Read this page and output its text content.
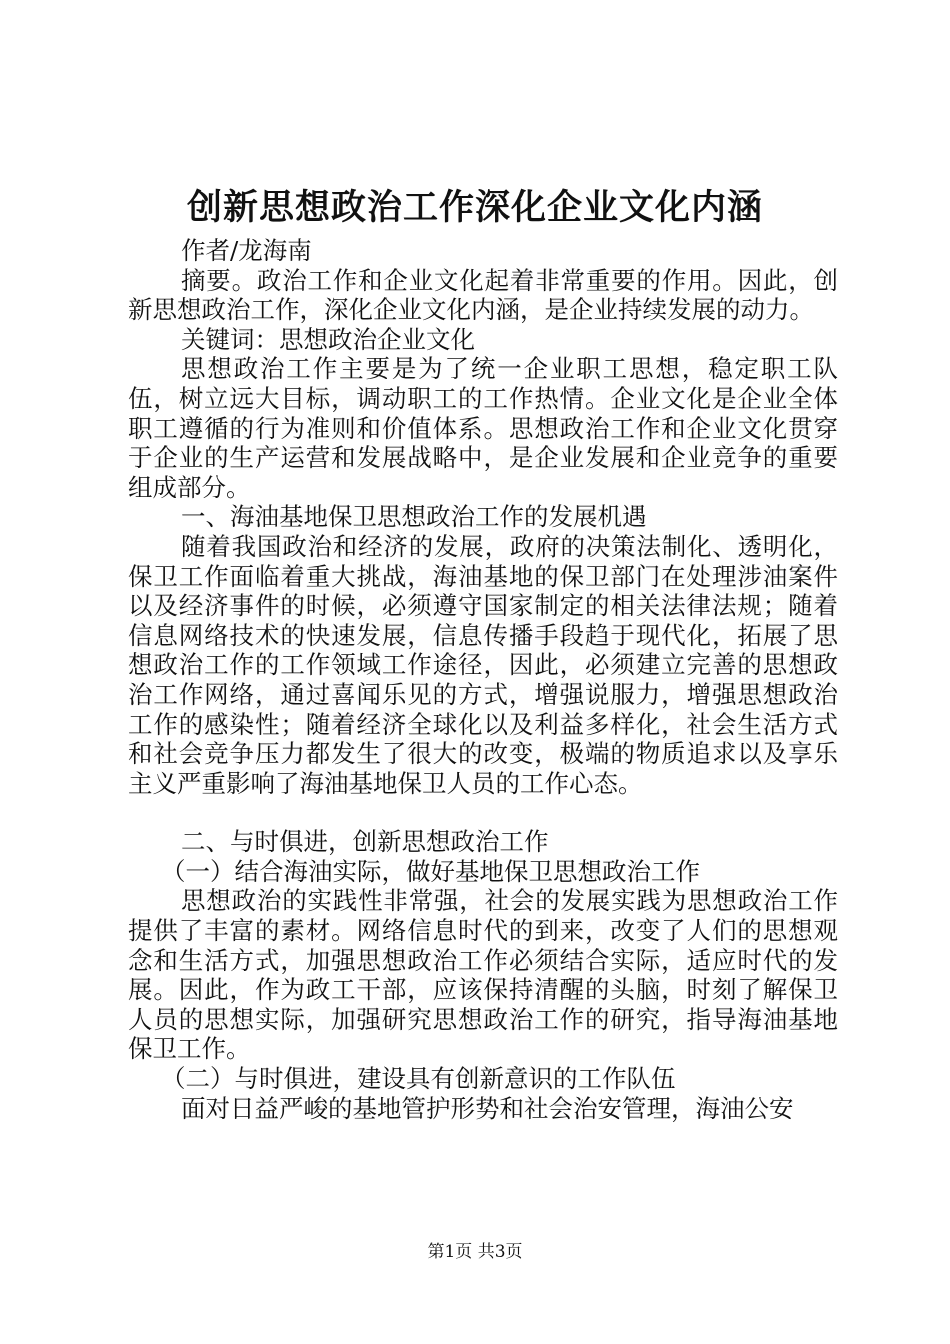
创新思想政治工作深化企业文化内涵

作者/龙海南

摘要。政治工作和企业文化起着非常重要的作用。因此，创新思想政治工作，深化企业文化内涵，是企业持续发展的动力。

关键词：思想政治企业文化

思想政治工作主要是为了统一企业职工思想，稳定职工队伍，树立远大目标，调动职工的工作热情。企业文化是企业全体职工遵循的行为准则和价值体系。思想政治工作和企业文化贯穿于企业的生产运营和发展战略中，是企业发展和企业竞争的重要组成部分。

一、海油基地保卫思想政治工作的发展机遇

随着我国政治和经济的发展，政府的决策法制化、透明化，保卫工作面临着重大挑战，海油基地的保卫部门在处理涉油案件以及经济事件的时候，必须遵守国家制定的相关法律法规；随着信息网络技术的快速发展，信息传播手段趋于现代化，拓展了思想政治工作的工作领域工作途径，因此，必须建立完善的思想政治工作网络，通过喜闻乐见的方式，增强说服力，增强思想政治工作的感染性；随着经济全球化以及利益多样化，社会生活方式和社会竞争压力都发生了很大的改变，极端的物质追求以及享乐主义严重影响了海油基地保卫人员的工作心态。

二、与时俱进，创新思想政治工作

（一）结合海油实际，做好基地保卫思想政治工作

思想政治的实践性非常强，社会的发展实践为思想政治工作提供了丰富的素材。网络信息时代的到来，改变了人们的思想观念和生活方式，加强思想政治工作必须结合实际，适应时代的发展。因此，作为政工干部，应该保持清醒的头脑，时刻了解保卫人员的思想实际，加强研究思想政治工作的研究，指导海油基地保卫工作。

（二）与时俱进，建设具有创新意识的工作队伍

面对日益严峻的基地管护形势和社会治安管理，海油公安

第1页 共3页
